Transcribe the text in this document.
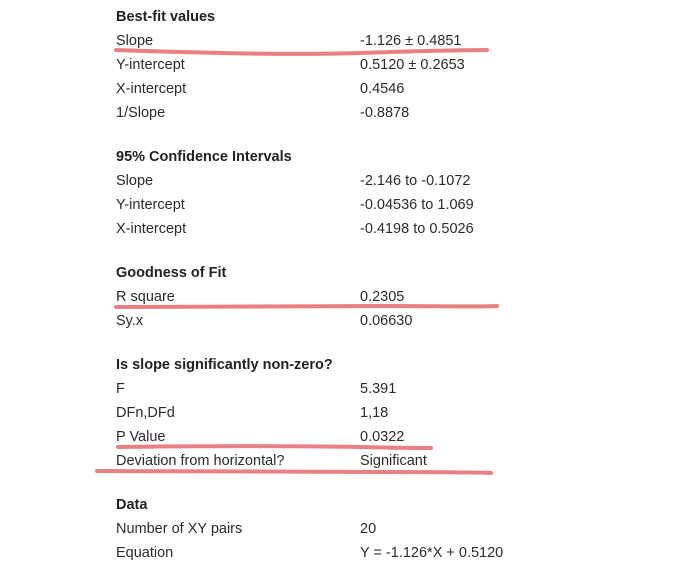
Best-fit values
Slope	-1.126 ± 0.4851
Y-intercept	0.5120 ± 0.2653
X-intercept	0.4546
1/Slope	-0.8878
95% Confidence Intervals
Slope	-2.146 to -0.1072
Y-intercept	-0.04536 to 1.069
X-intercept	-0.4198 to 0.5026
Goodness of Fit
R square	0.2305
Sy.x	0.06630
Is slope significantly non-zero?
F	5.391
DFn,DFd	1,18
P Value	0.0322
Deviation from horizontal?	Significant
Data
Number of XY pairs	20
Equation	Y = -1.126*X + 0.5120
